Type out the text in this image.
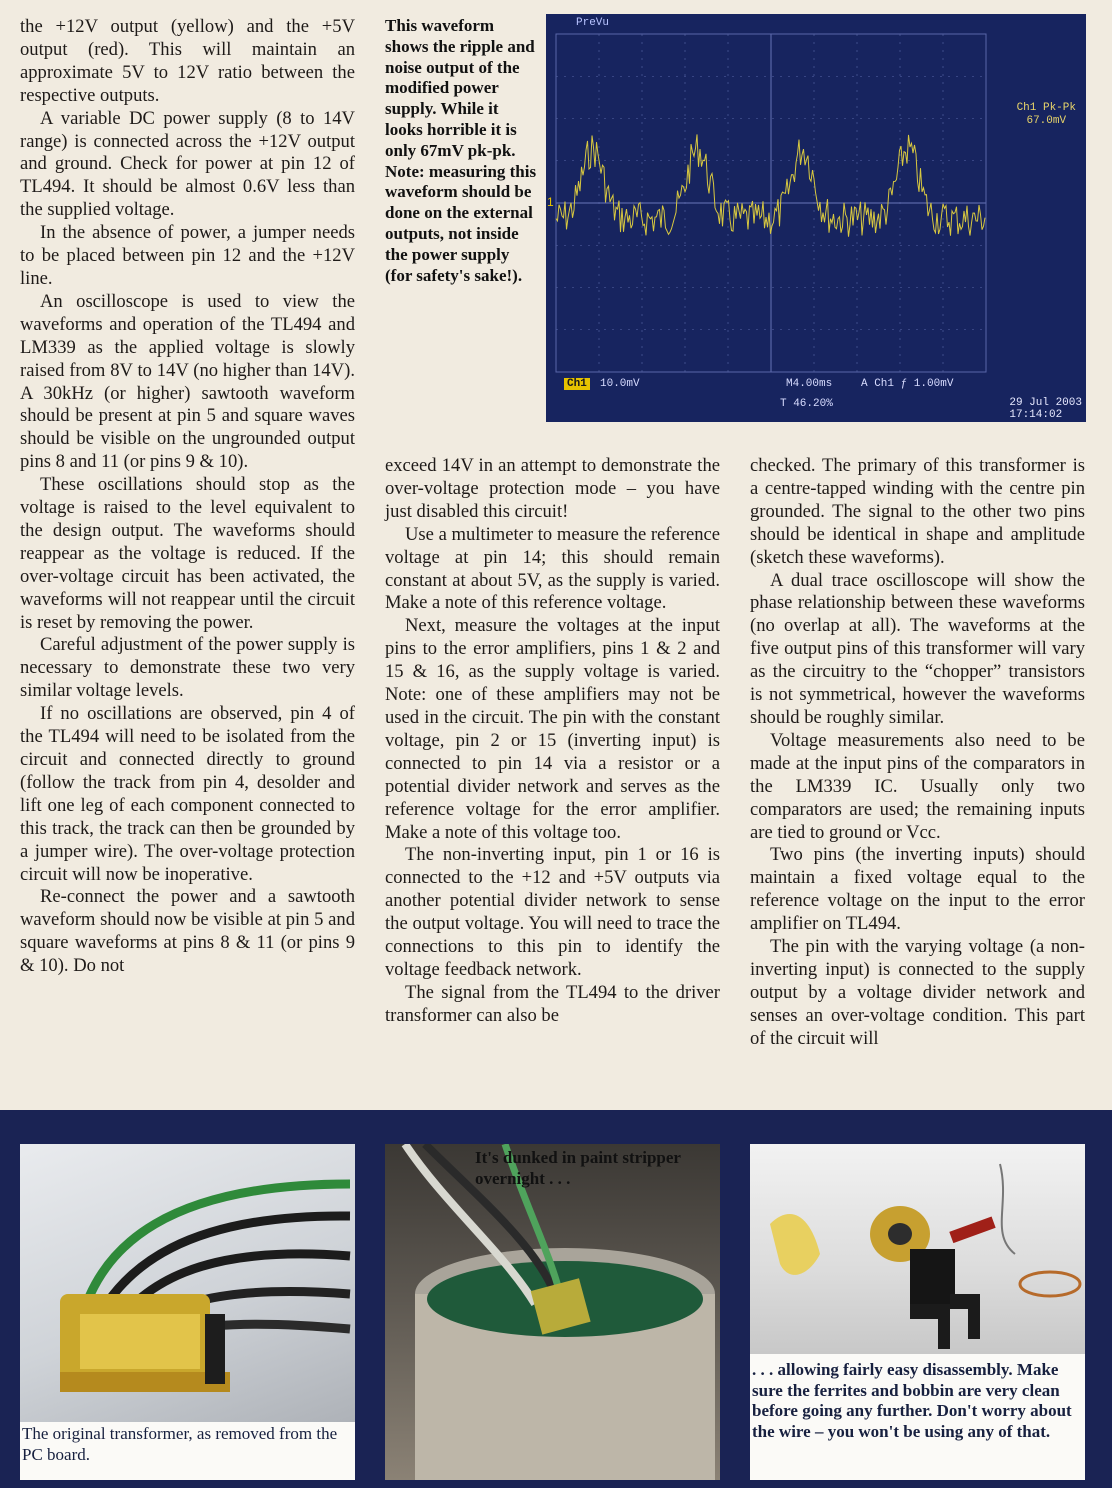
the +12V output (yellow) and the +5V output (red). This will maintain an approximate 5V to 12V ratio between the respective outputs.

A variable DC power supply (8 to 14V range) is connected across the +12V output and ground. Check for power at pin 12 of TL494. It should be almost 0.6V less than the supplied voltage.

In the absence of power, a jumper needs to be placed between pin 12 and the +12V line.

An oscilloscope is used to view the waveforms and operation of the TL494 and LM339 as the applied voltage is slowly raised from 8V to 14V (no higher than 14V). A 30kHz (or higher) sawtooth waveform should be present at pin 5 and square waves should be visible on the ungrounded output pins 8 and 11 (or pins 9 & 10).

These oscillations should stop as the voltage is raised to the level equivalent to the design output. The waveforms should reappear as the voltage is reduced. If the over-voltage circuit has been activated, the waveforms will not reappear until the circuit is reset by removing the power.

Careful adjustment of the power supply is necessary to demonstrate these two very similar voltage levels.

If no oscillations are observed, pin 4 of the TL494 will need to be isolated from the circuit and connected directly to ground (follow the track from pin 4, desolder and lift one leg of each component connected to this track, the track can then be grounded by a jumper wire). The over-voltage protection circuit will now be inoperative.

Re-connect the power and a sawtooth waveform should now be visible at pin 5 and square waveforms at pins 8 & 11 (or pins 9 & 10). Do not

This waveform shows the ripple and noise output of the modified power supply. While it looks horrible it is only 67mV pk-pk. Note: measuring this waveform should be done on the external outputs, not inside the power supply (for safety's sake!).
1
PreVu
Ch1 Pk-Pk
67.0mV
Ch1 10.0mV	M4.00ms	A Ch1 ƒ 1.00mV
T 46.20%	29 Jul 2003
17:14:02

exceed 14V in an attempt to demonstrate the over-voltage protection mode – you have just disabled this circuit!

Use a multimeter to measure the reference voltage at pin 14; this should remain constant at about 5V, as the supply is varied. Make a note of this reference voltage.

Next, measure the voltages at the input pins to the error amplifiers, pins 1 & 2 and 15 & 16, as the supply voltage is varied. Note: one of these amplifiers may not be used in the circuit. The pin with the constant voltage, pin 2 or 15 (inverting input) is connected to pin 14 via a resistor or a potential divider network and serves as the reference voltage for the error amplifier. Make a note of this voltage too.

The non-inverting input, pin 1 or 16 is connected to the +12 and +5V outputs via another potential divider network to sense the output voltage. You will need to trace the connections to this pin to identify the voltage feedback network.

The signal from the TL494 to the driver transformer can also be

checked. The primary of this transformer is a centre-tapped winding with the centre pin grounded. The signal to the other two pins should be identical in shape and amplitude (sketch these waveforms).

A dual trace oscilloscope will show the phase relationship between these waveforms (no overlap at all). The waveforms at the five output pins of this transformer will vary as the circuitry to the “chopper” transistors is not symmetrical, however the waveforms should be roughly similar.

Voltage measurements also need to be made at the input pins of the comparators in the LM339 IC. Usually only two comparators are used; the remaining inputs are tied to ground or Vcc.

Two pins (the inverting inputs) should maintain a fixed voltage equal to the reference voltage on the input to the error amplifier on TL494.

The pin with the varying voltage (a non-inverting input) is connected to the supply output by a voltage divider network and senses an over-voltage condition. This part of the circuit will

The original transformer, as removed from the PC board.
It's dunked in paint stripper overnight . . .
. . . allowing fairly easy disassembly. Make sure the ferrites and bobbin are very clean before going any further. Don't worry about the wire – you won't be using any of that.
